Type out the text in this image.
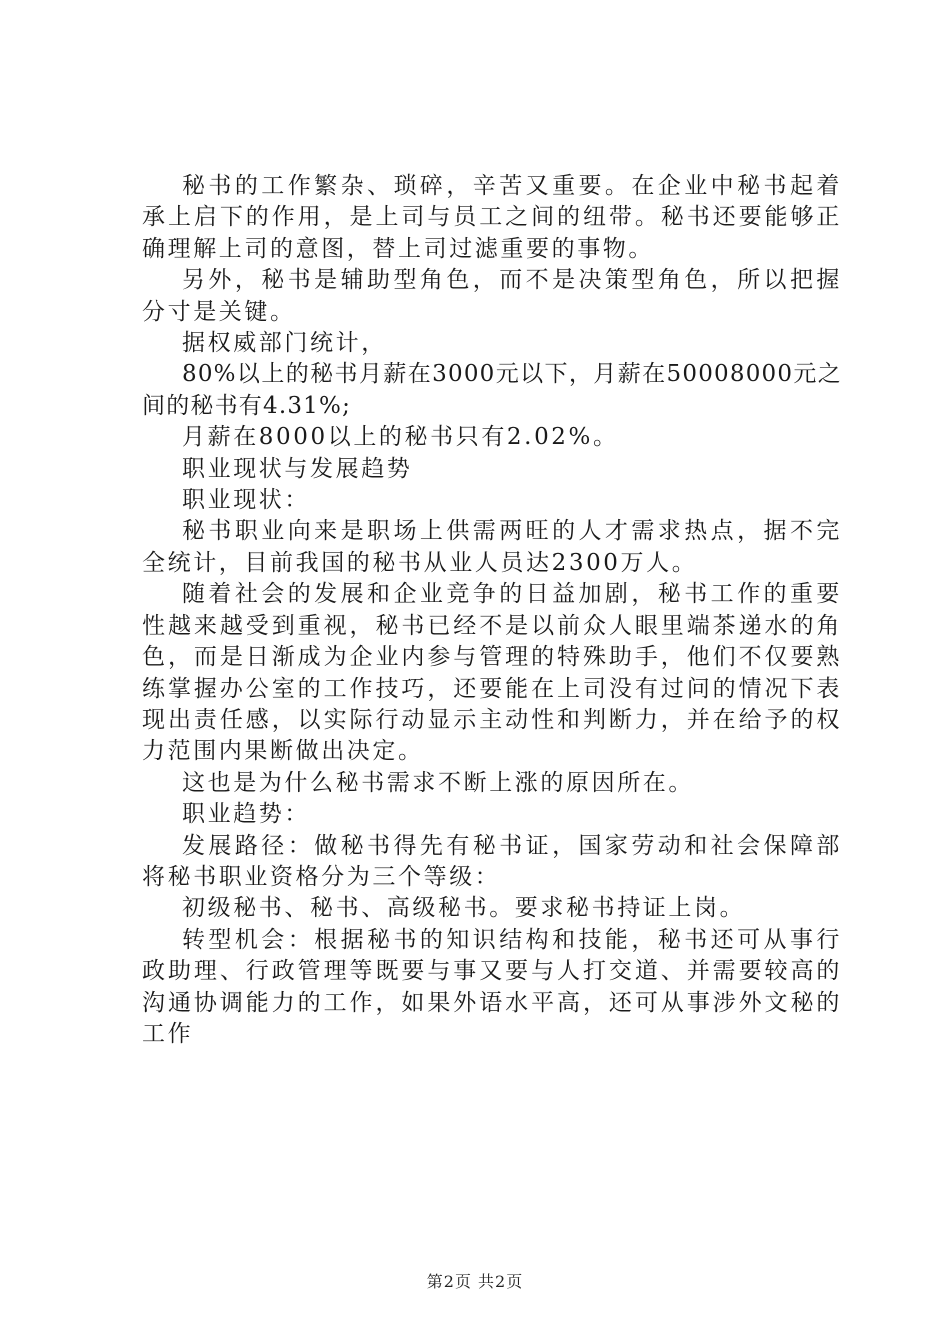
秘书的工作繁杂、琐碎，辛苦又重要。在企业中秘书起着承上启下的作用，是上司与员工之间的纽带。秘书还要能够正确理解上司的意图，替上司过滤重要的事物。

另外，秘书是辅助型角色，而不是决策型角色，所以把握分寸是关键。

据权威部门统计，

80%以上的秘书月薪在3000元以下，月薪在50008000元之间的秘书有4.31%;

月薪在8000以上的秘书只有2.02%。

职业现状与发展趋势

职业现状：

秘书职业向来是职场上供需两旺的人才需求热点，据不完全统计，目前我国的秘书从业人员达2300万人。

随着社会的发展和企业竞争的日益加剧，秘书工作的重要性越来越受到重视，秘书已经不是以前众人眼里端茶递水的角色，而是日渐成为企业内参与管理的特殊助手，他们不仅要熟练掌握办公室的工作技巧，还要能在上司没有过问的情况下表现出责任感，以实际行动显示主动性和判断力，并在给予的权力范围内果断做出决定。

这也是为什么秘书需求不断上涨的原因所在。

职业趋势：

发展路径：做秘书得先有秘书证，国家劳动和社会保障部将秘书职业资格分为三个等级：

初级秘书、秘书、高级秘书。要求秘书持证上岗。

转型机会：根据秘书的知识结构和技能，秘书还可从事行政助理、行政管理等既要与事又要与人打交道、并需要较高的沟通协调能力的工作，如果外语水平高，还可从事涉外文秘的工作

第2页 共2页
